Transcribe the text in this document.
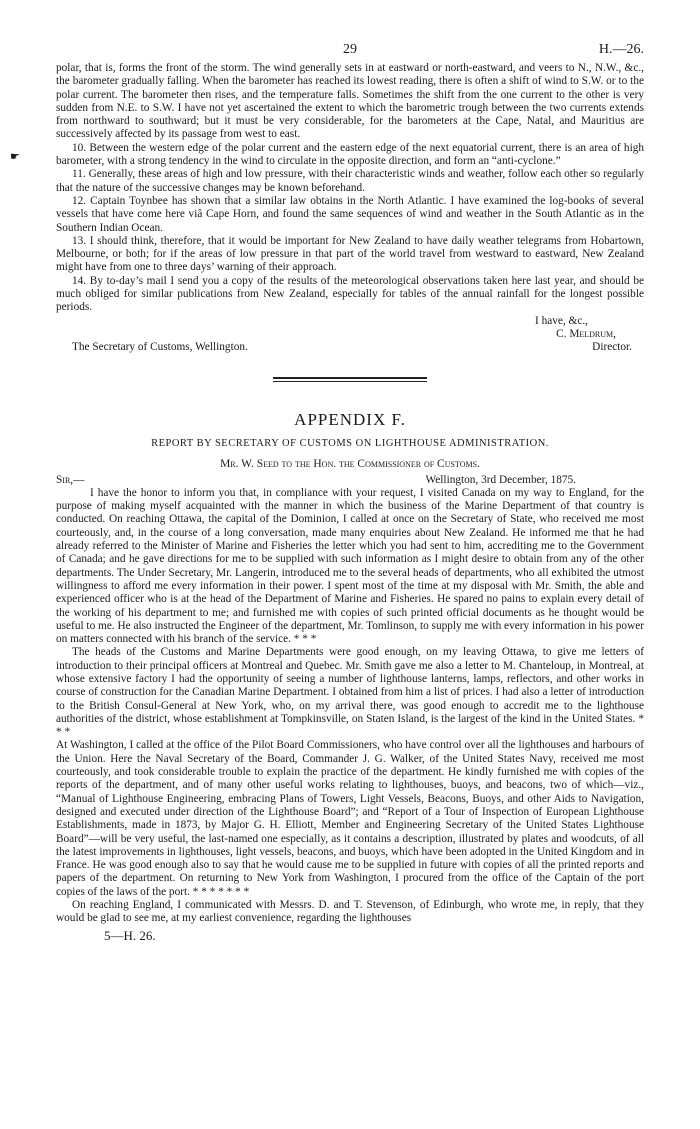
☛
29	H.—26.

polar, that is, forms the front of the storm. The wind generally sets in at eastward or north-eastward, and veers to N., N.W., &c., the barometer gradually falling. When the barometer has reached its lowest reading, there is often a shift of wind to S.W. or to the polar current. The barometer then rises, and the temperature falls. Sometimes the shift from the one current to the other is very sudden from N.E. to S.W. I have not yet ascertained the extent to which the barometric trough between the two currents extends from northward to southward; but it must be very considerable, for the barometers at the Cape, Natal, and Mauritius are successively affected by its passage from west to east.

10. Between the western edge of the polar current and the eastern edge of the next equatorial current, there is an area of high barometer, with a strong tendency in the wind to circulate in the opposite direction, and form an “anti-cyclone.”

11. Generally, these areas of high and low pressure, with their characteristic winds and weather, follow each other so regularly that the nature of the successive changes may be known beforehand.

12. Captain Toynbee has shown that a similar law obtains in the North Atlantic. I have examined the log-books of several vessels that have come here viâ Cape Horn, and found the same sequences of wind and weather in the South Atlantic as in the Southern Indian Ocean.

13. I should think, therefore, that it would be important for New Zealand to have daily weather telegrams from Hobartown, Melbourne, or both; for if the areas of low pressure in that part of the world travel from westward to eastward, New Zealand might have from one to three days’ warning of their approach.

14. By to-day’s mail I send you a copy of the results of the meteorological observations taken here last year, and should be much obliged for similar publications from New Zealand, especially for tables of the annual rainfall for the longest possible periods.

I have, &c.,
C. Meldrum,
The Secretary of Customs, Wellington.	Director.
APPENDIX F.
REPORT BY SECRETARY OF CUSTOMS ON LIGHTHOUSE ADMINISTRATION.
Mr. W. Seed to the Hon. the Commissioner of Customs.
Sir,—	Wellington, 3rd December, 1875.

I have the honor to inform you that, in compliance with your request, I visited Canada on my way to England, for the purpose of making myself acquainted with the manner in which the business of the Marine Department of that country is conducted. On reaching Ottawa, the capital of the Dominion, I called at once on the Secretary of State, who received me most courteously, and, in the course of a long conversation, made many enquiries about New Zealand. He informed me that he had already referred to the Minister of Marine and Fisheries the letter which you had sent to him, accrediting me to the Government of Canada; and he gave directions for me to be supplied with such information as I might desire to obtain from any of the other departments. The Under Secretary, Mr. Langerin, introduced me to the several heads of departments, who all exhibited the utmost willingness to afford me every information in their power. I spent most of the time at my disposal with Mr. Smith, the able and experienced officer who is at the head of the Department of Marine and Fisheries. He spared no pains to explain every detail of the working of his department to me; and furnished me with copies of such printed official documents as he thought would be useful to me. He also instructed the Engineer of the department, Mr. Tomlinson, to supply me with every information in his power on matters connected with his branch of the service. * * *

The heads of the Customs and Marine Departments were good enough, on my leaving Ottawa, to give me letters of introduction to their principal officers at Montreal and Quebec. Mr. Smith gave me also a letter to M. Chanteloup, in Montreal, at whose extensive factory I had the opportunity of seeing a number of lighthouse lanterns, lamps, reflectors, and other works in course of construction for the Canadian Marine Department. I obtained from him a list of prices. I had also a letter of introduction to the British Consul-General at New York, who, on my arrival there, was good enough to accredit me to the lighthouse authorities of the district, whose establishment at Tompkinsville, on Staten Island, is the largest of the kind in the United States. * * *

At Washington, I called at the office of the Pilot Board Commissioners, who have control over all the lighthouses and harbours of the Union. Here the Naval Secretary of the Board, Commander J. G. Walker, of the United States Navy, received me most courteously, and took considerable trouble to explain the practice of the department. He kindly furnished me with copies of the reports of the department, and of many other useful works relating to lighthouses, buoys, and beacons, two of which—viz., “Manual of Lighthouse Engineering, embracing Plans of Towers, Light Vessels, Beacons, Buoys, and other Aids to Navigation, designed and executed under direction of the Lighthouse Board”; and “Report of a Tour of Inspection of European Lighthouse Establishments, made in 1873, by Major G. H. Elliott, Member and Engineering Secretary of the United States Lighthouse Board”—will be very useful, the last-named one especially, as it contains a description, illustrated by plates and woodcuts, of all the latest improvements in lighthouses, light vessels, beacons, and buoys, which have been adopted in the United Kingdom and in France. He was good enough also to say that he would cause me to be supplied in future with copies of all the printed reports and papers of the department. On returning to New York from Washington, I procured from the office of the Captain of the port copies of the laws of the port. * * * * * * *

On reaching England, I communicated with Messrs. D. and T. Stevenson, of Edinburgh, who wrote me, in reply, that they would be glad to see me, at my earliest convenience, regarding the lighthouses

5—H. 26.
